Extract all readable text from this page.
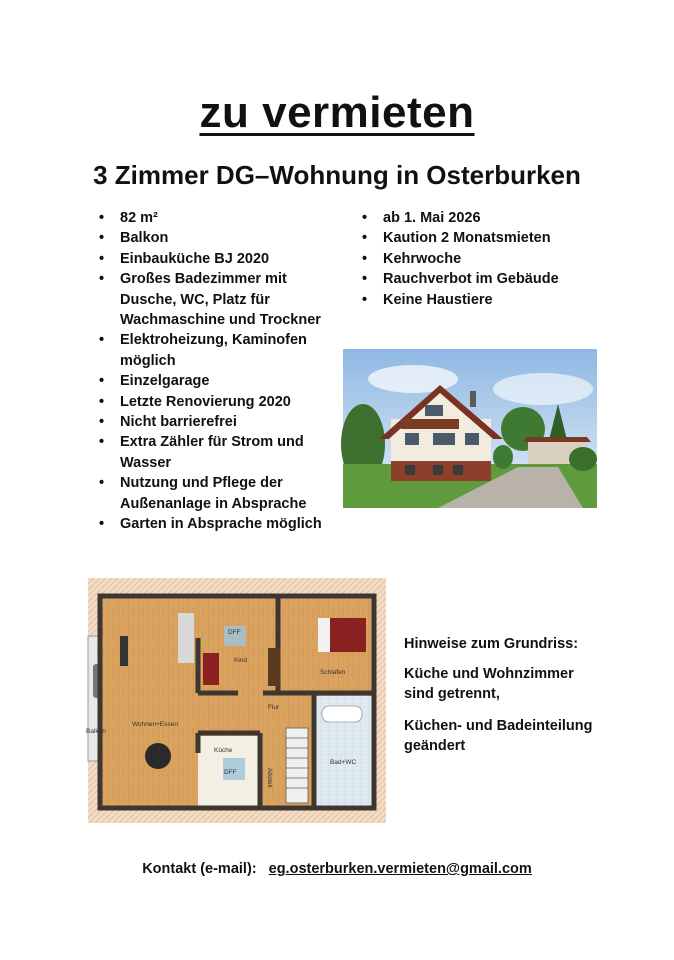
zu vermieten
3 Zimmer DG–Wohnung in Osterburken
• 82 m²
• Balkon
• Einbauküche BJ 2020
• Großes Badezimmer mit Dusche, WC, Platz für Wachmaschine und Trockner
• Elektroheizung, Kaminofen möglich
• Einzelgarage
• Letzte Renovierung 2020
• Nicht barrierefrei
• Extra Zähler für Strom und Wasser
• Nutzung und Pflege der Außenanlage in Absprache
• Garten in Absprache möglich
• ab 1. Mai 2026
• Kaution 2 Monatsmieten
• Kehrwoche
• Rauchverbot im Gebäude
• Keine Haustiere
DFF
Kind
Schlafen
Balkon
Wohnen+Essen
Flur
Küche
DFF	Abstell
Bad+WC
Hinweise zum Grundriss:
Küche und Wohnzimmer sind getrennt,
Küchen- und Badeinteilung geändert
Kontakt (e-mail): eg.osterburken.vermieten@gmail.com
